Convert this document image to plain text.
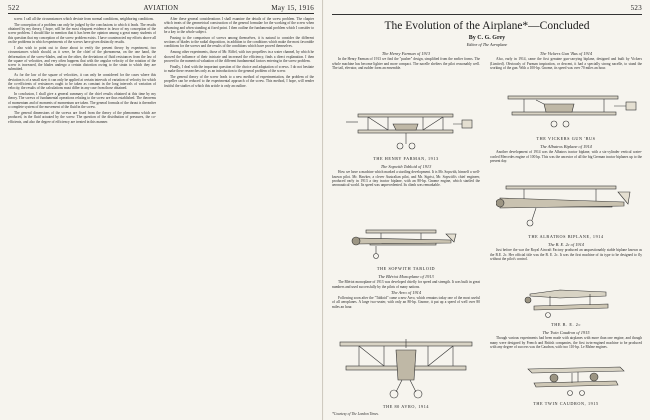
522	AVIATION	May 15, 1916

screw. I call all the circumstances which deviate from normal conditions, neighboring conditions.

The conception of a problem can only be judged by the conclusions to which it leads. The results obtained by my theory, I hope, will be the most eloquent evidence in favor of my conception of the screw problem. I should like to mention that it has been the opinion among a great many students of this question that my conception of the screw problem exists. I have counteracted my efforts above all on the problems in which experiments of the screws have given distinctly results.

I also wish to point out to those about to verify the present theory by experiment, two circumstances which should, as it were, be the chief of the phenomena, on the one hand, the deformation of the screw-blades, and on the other, the deviations of fluid resistances from the law of the square of velocities, and very often happens that with the angular velocity of the rotation of the screw is increased, the blades undergo a certain distortion owing to the strain to which they are submitted.

As for the law of the square of velocities, it can only be considered for the cases where this deviation is of a small size; it can only be applied at certain intervals of variation of velocity for which the co-efficients of resistances ought to be taken as constant in the long intervals of variation of velocity, the results of the calculations must differ in any case from those obtained.

In conclusion, I shall give a general summary of the chief results obtained at this time by my theory. The screws of fundamental operations relating to the screw are thus established. The theorems of momentum and of moments of momentum are taken. The general formula of the thrust is thereafter a complete system of the movement of the fluid in the screw.

The general dimensions of the screws are fixed from the theory of the phenomena which are produced, in the fluid actuated by the screw. The question of the distribution of pressures, the co-efficients, and also the degree of efficiency are treated in this manner.

After these general considerations I shall examine the details of the screw problem. The chapter which treats of the geometrical construction of the general formulae for the working of the screw when advancing and when standing at fixed point. I then outline the fundamental problem which I consider to be a key to the whole subject.

Passing to the comparison of screws among themselves, it is natural to consider the different sections of blades to the radial disposition, in addition to the conditions which make the most favorable conditions for the screws and the results of the conditions which have proved themselves.

Among other experiments, those of Mr. Riffel, with two propellers in a water channel, by which he showed the influence of their intricate and increased the efficiency, finds a direct explanation. I then proceed to the numerical valuation of the different fundamental factors entering in the screw problem.

Finally, I deal with the important question of the choice and adaptation of screws. I do not hesitate to make these researches only as an introduction to the general problem of the screw.

The general theory of the screw leads to a new method of experimentation, the problem of the propeller can be reduced to the experimental approach of the screw. This method, I hope, will render fruitful the studies of which this article is only an outline.

523
The Evolution of the Airplane*—Concluded
By C. G. Grey
Editor of The Aeroplane
The Henry Farman of 1913

In the Henry Farman of 1913 we find the "pusher" design, simplified from the earlier forms. The whole machine has become lighter and more compact. The nacelle shelters the pilot reasonably well. The tail, elevator, and rudder form an ensemble.

THE HENRY FARMAN, 1913
The Sopwith Tabloid of 1913

How we have a machine which marked a startling development. It is Mr. Sopwith, himself a well-known pilot. Mr. Hawker, a clever Australian pilot, and Mr. Sigrist, Mr. Sopwith's chief engineer, produced early in 1913 a tiny tractor biplane, with an 80-hp. Gnome engine, which startled the aeronautical world. Its speed was unprecedented. Its climb was remarkable.

THE SOPWITH TABLOID
The Blériot Monoplane of 1913

The Blériot monoplane of 1913 was developed chiefly for speed and strength. It was built in great numbers and used successfully by the pilots of many nations.

The Avro of 1914

Following soon after the "Tabloid" came a new Avro, which remains today one of the most useful of all aeroplanes. A large two-seater, with only an 80-hp. Gnome, it put up a speed of well over 80 miles an hour.

THE 80 AVRO, 1914
The Vickers Gun 'Bus of 1914

Also, early in 1914, came the first genuine gun-carrying biplane, designed and built by Vickers (Limited). Obviously of Farman inspiration, or descent, it had a specially strong nacelle, to stand the working of the gun. With a 100-hp. Gnome, its speed was over 70 miles an hour.

THE VICKERS GUN 'BUS
The Albatros Biplane of 1914

Another development of 1914 was the Albatros tractor biplane, with a six-cylinder vertical water-cooled Mercedes engine of 100 hp. This was the ancestor of all the big German tractor biplanes up to the present day.

THE ALBATROS BIPLANE, 1914
The B. E. 2c of 1914

Just before the war the Royal Aircraft Factory produced an unquestionably stable biplane known as the B.E. 2c. Her official title was the B. E. 2c. It was the first machine of its type to be designed to fly without the pilot's control.

THE B. E. 2c
The Twin Caudron of 1915

Though various experiments had been made with airplanes with more than one engine, and though many were designed by French and British companies, the first twin-engined machine to be produced with any degree of success was the Caudron, with two 110-hp. Le Rhône engines.

THE TWIN CAUDRON, 1915
*Courtesy of The London Times.
